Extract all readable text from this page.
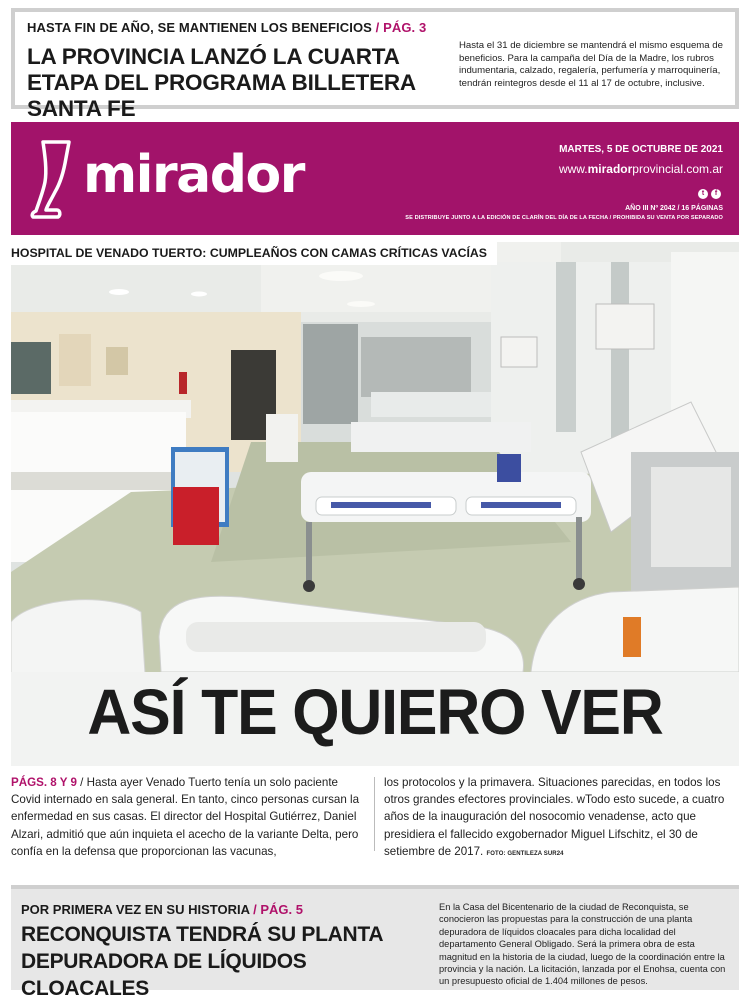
HASTA FIN DE AÑO, SE MANTIENEN LOS BENEFICIOS / PÁG. 3
LA PROVINCIA LANZÓ LA CUARTA ETAPA DEL PROGRAMA BILLETERA SANTA FE
Hasta el 31 de diciembre se mantendrá el mismo esquema de beneficios. Para la campaña del Día de la Madre, los rubros indumentaria, calzado, regalería, perfumería y marroquinería, tendrán reintegros desde el 11 al 17 de octubre, inclusive.
mirador	MARTES, 5 DE OCTUBRE DE 2021
www.miradorprovincial.com.ar
t	f
AÑO III Nº 2042 / 16 PÁGINAS
SE DISTRIBUYE JUNTO A LA EDICIÓN DE CLARÍN DEL DÍA DE LA FECHA / PROHIBIDA SU VENTA POR SEPARADO
HOSPITAL DE VENADO TUERTO: CUMPLEAÑOS CON CAMAS CRÍTICAS VACÍAS
ASÍ TE QUIERO VER
PÁGS. 8 Y 9 / Hasta ayer Venado Tuerto tenía un solo paciente Covid internado en sala general. En tanto, cinco personas cursan la enfermedad en sus casas. El director del Hospital Gutiérrez, Daniel Alzari, admitió que aún inquieta el acecho de la variante Delta, pero confía en la defensa que proporcionan las vacunas,
los protocolos y la primavera. Situaciones parecidas, en todos los otros grandes efectores provinciales. wTodo esto sucede, a cuatro años de la inauguración del nosocomio venadense, acto que presidiera el fallecido exgobernador Miguel Lifschitz, el 30 de setiembre de 2017. FOTO: GENTILEZA SUR24
POR PRIMERA VEZ EN SU HISTORIA / PÁG. 5
RECONQUISTA TENDRÁ SU PLANTA DEPURADORA DE LÍQUIDOS CLOACALES
En la Casa del Bicentenario de la ciudad de Reconquista, se conocieron las propuestas para la construcción de una planta depuradora de líquidos cloacales para dicha localidad del departamento General Obligado. Será la primera obra de esta magnitud en la historia de la ciudad, luego de la coordinación entre la provincia y la nación. La licitación, lanzada por el Enohsa, cuenta con un presupuesto oficial de 1.404 millones de pesos.
